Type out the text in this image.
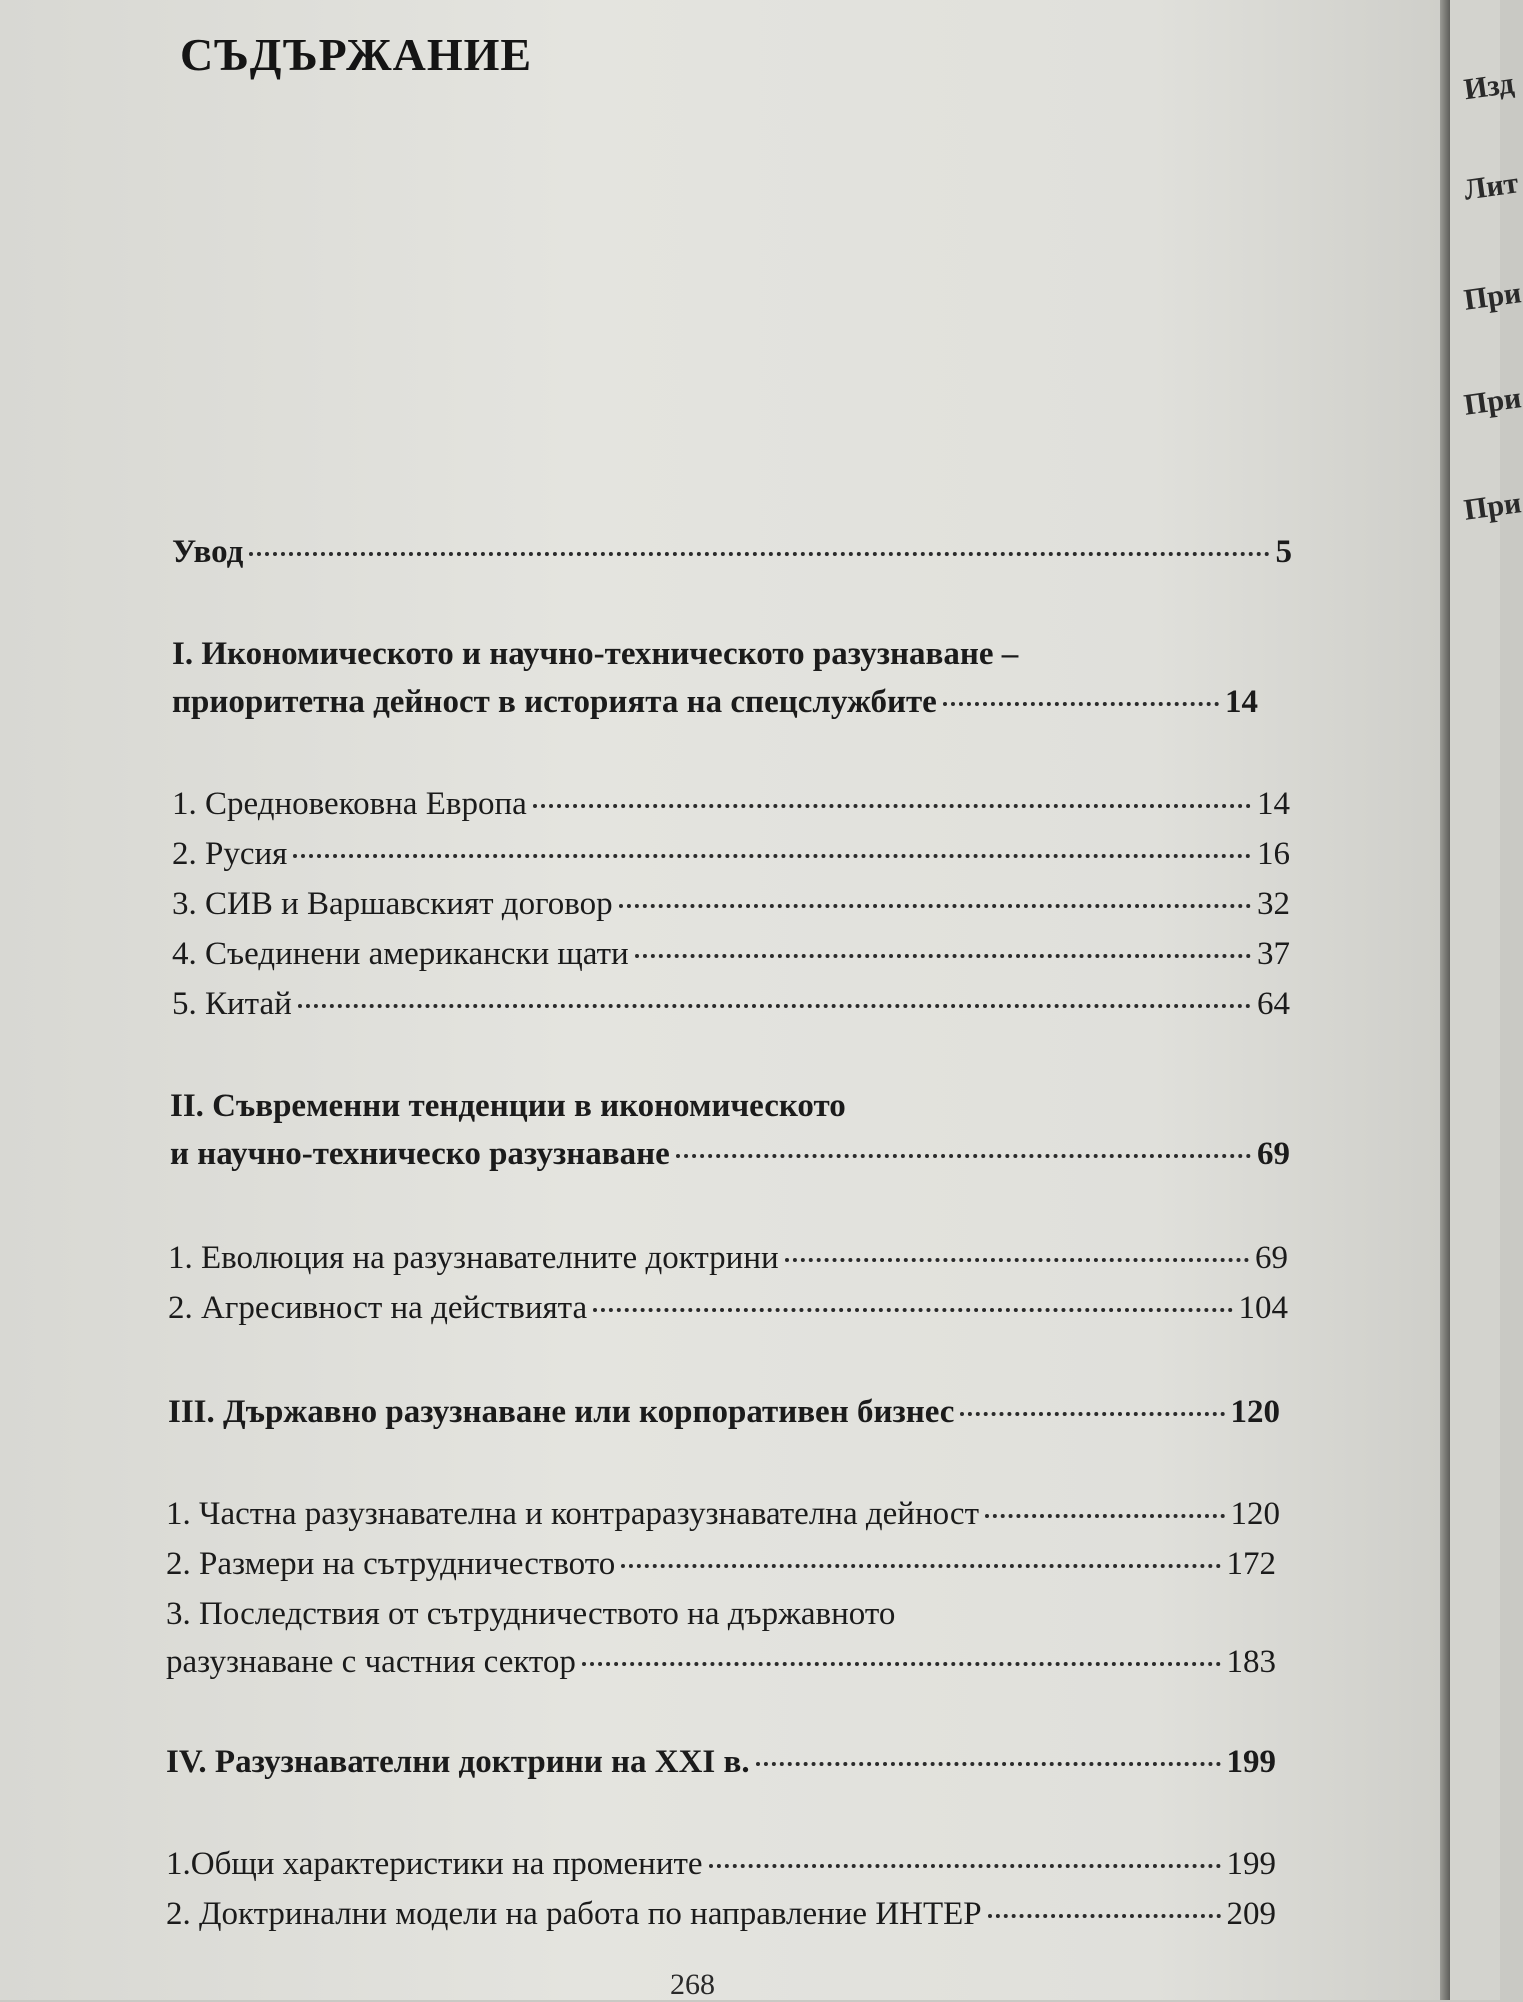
СЪДЪРЖАНИЕ
Увод	5
I. Икономическото и научно-техническото разузнаване –
приоритетна дейност в историята на спецслужбите	14
1. Средновековна Европа	14
2. Русия	16
3. СИВ и Варшавският договор	32
4. Съединени американски щати	37
5. Китай	64
II. Съвременни тенденции в икономическото
и научно-техническо разузнаване	69
1. Еволюция на разузнавателните доктрини	69
2. Агресивност на действията	104
III. Държавно разузнаване или корпоративен бизнес	120
1. Частна разузнавателна и контраразузнавателна дейност	120
2. Размери на сътрудничеството	172
3. Последствия от сътрудничеството на държавното
разузнаване с частния сектор	183
IV. Разузнавателни доктрини на XXI в.	199
1.Общи характеристики на промените	199
2. Доктринални модели на работа по направление ИНТЕР	209
268
Изд
Лит
При
При
При
